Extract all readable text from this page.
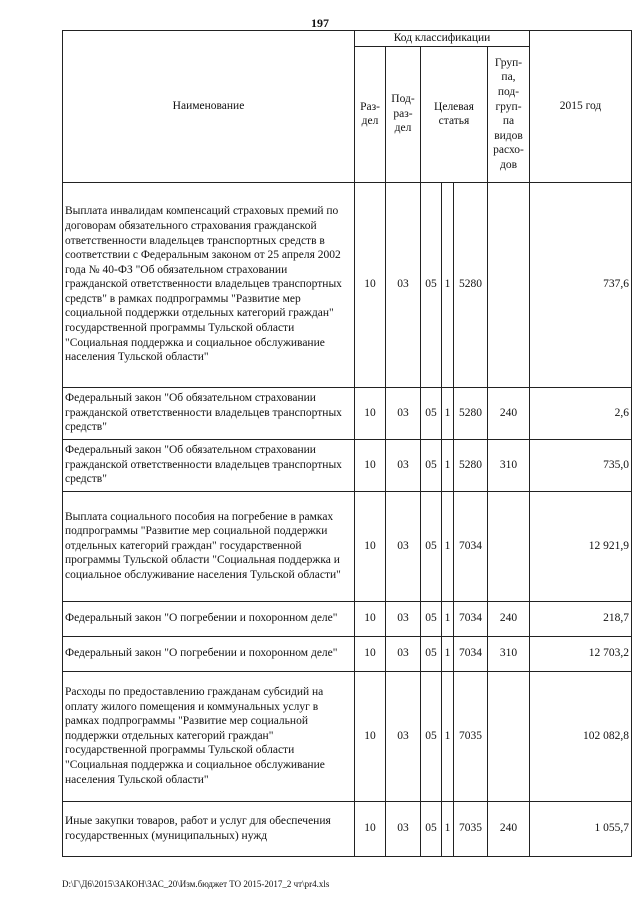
197
Наименование	Код классификации						2015 год
	Раз-дел	Под-раз-дел	Целевая статья			Груп-па, под-груп-па видов расхо-дов	
Выплата инвалидам компенсаций страховых премий по договорам обязательного страхования гражданской ответственности владельцев транспортных средств в соответствии с Федеральным законом от 25 апреля 2002 года № 40-ФЗ "Об обязательном страховании гражданской ответственности владельцев транспортных средств" в рамках подпрограммы "Развитие мер социальной поддержки отдельных категорий граждан" государственной программы Тульской области "Социальная поддержка и социальное обслуживание населения Тульской области"	10	03	05	1	5280		737,6
Федеральный закон "Об обязательном страховании гражданской ответственности владельцев транспортных средств"	10	03	05	1	5280	240	2,6
Федеральный закон "Об обязательном страховании гражданской ответственности владельцев транспортных средств"	10	03	05	1	5280	310	735,0
Выплата социального пособия на погребение в рамках подпрограммы "Развитие мер социальной поддержки отдельных категорий граждан" государственной программы Тульской области "Социальная поддержка и социальное обслуживание населения Тульской области"	10	03	05	1	7034		12 921,9
Федеральный закон "О погребении и похоронном деле"	10	03	05	1	7034	240	218,7
Федеральный закон "О погребении и похоронном деле"	10	03	05	1	7034	310	12 703,2
Расходы по предоставлению гражданам субсидий на оплату жилого помещения и коммунальных услуг в рамках подпрограммы "Развитие мер социальной поддержки отдельных категорий граждан" государственной программы Тульской области "Социальная поддержка и социальное обслуживание населения Тульской области"	10	03	05	1	7035		102 082,8
Иные закупки товаров, работ и услуг для обеспечения государственных (муниципальных) нужд	10	03	05	1	7035	240	1 055,7
D:\Г\Д6\2015\ЗАКОН\ЗАС_20\Изм.бюджет ТО 2015-2017_2 чт\pr4.xls
